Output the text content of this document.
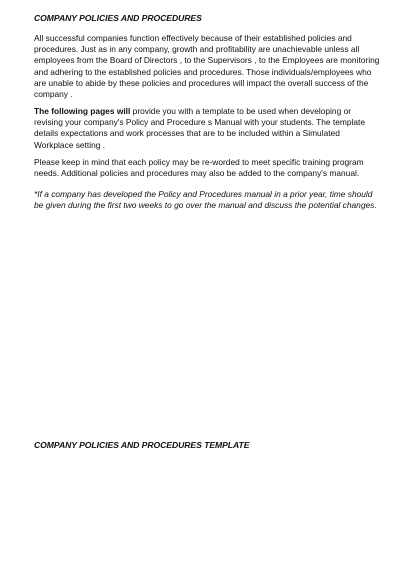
COMPANY POLICIES AND PROCEDURES

All successful companies function effectively because of their established policies and
procedures. Just as in any company, growth and profitability are unachievable unless all
employees from the Board of Directors , to the Supervisors , to the Employees are monitoring
and adhering to the established policies and procedures. Those individuals/employees who
are unable to abide by these policies and procedures will impact the overall success of the
company .

The following pages will provide you with a template to be used when developing or
revising your company's Policy and Procedure s Manual with your students. The template
details expectations and work processes that are to be included within a Simulated
Workplace setting .

Please keep in mind that each policy may be re-worded to meet specific training program
needs. Additional policies and procedures may also be added to the company's manual.

*If a company has developed the Policy and Procedures manual in a prior year, time should
be given during the first two weeks to go over the manual and discuss the potential changes.

COMPANY POLICIES AND PROCEDURES TEMPLATE
